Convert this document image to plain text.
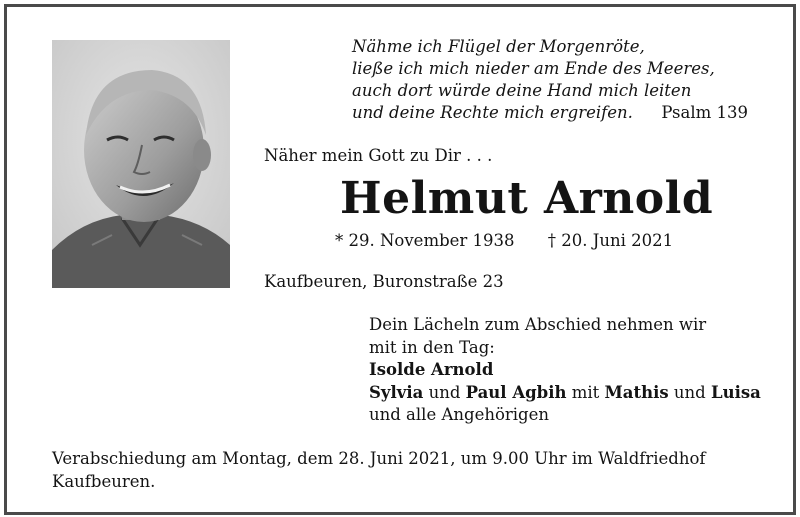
Nähme ich Flügel der Morgenröte,
ließe ich mich nieder am Ende des Meeres,
auch dort würde deine Hand mich leiten
und deine Rechte mich ergreifen. Psalm 139
Näher mein Gott zu Dir . . .
Helmut Arnold
* 29. November 1938 † 20. Juni 2021
Kaufbeuren, Buronstraße 23
Dein Lächeln zum Abschied nehmen wir
mit in den Tag:
Isolde Arnold
Sylvia und Paul Agbih mit Mathis und Luisa
und alle Angehörigen
Verabschiedung am Montag, dem 28. Juni 2021, um 9.00 Uhr im Waldfriedhof Kaufbeuren.
